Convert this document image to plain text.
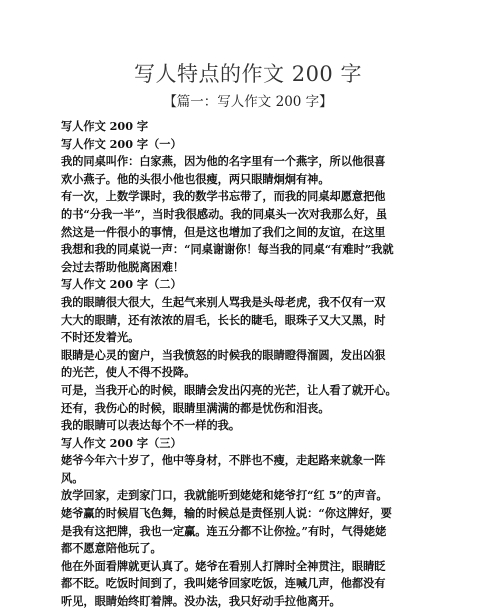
写人特点的作文 200 字
【篇一：写人作文 200 字】
写人作文 200 字
写人作文 200 字（一）
我的同桌叫作：白家燕，因为他的名字里有一个燕字，所以他很喜
欢小燕子。他的头很小他也很瘦，两只眼睛炯炯有神。
有一次，上数学课时，我的数学书忘带了，而我的同桌却愿意把他
的书“分我一半”，当时我很感动。我的同桌头一次对我那么好，虽
然这是一件很小的事情，但是这也增加了我们之间的友谊，在这里
我想和我的同桌说一声：“同桌谢谢你！每当我的同桌“有难时”我就
会过去帮助他脱离困难！
写人作文 200 字（二）
我的眼睛很大很大，生起气来别人骂我是头母老虎，我不仅有一双
大大的眼睛，还有浓浓的眉毛，长长的睫毛，眼珠子又大又黑，时
不时还发着光。
眼睛是心灵的窗户，当我愤怒的时候我的眼睛瞪得溜圆，发出凶狠
的光芒，使人不得不投降。
可是，当我开心的时候，眼睛会发出闪亮的光芒，让人看了就开心。
还有，我伤心的时候，眼睛里满满的都是忧伤和泪丧。
我的眼睛可以表达每个不一样的我。
写人作文 200 字（三）
姥爷今年六十岁了，他中等身材，不胖也不瘦，走起路来就象一阵
风。
放学回家，走到家门口，我就能听到姥姥和姥爷打“红 5”的声音。
姥爷赢的时候眉飞色舞，输的时候总是责怪别人说：“你这牌好，要
是我有这把牌，我也一定赢。连五分都不让你捡。”有时，气得姥姥
都不愿意陪他玩了。
他在外面看牌就更认真了。姥爷在看别人打牌时全神贯注，眼睛眨
都不眨。吃饭时间到了，我叫姥爷回家吃饭，连喊几声，他都没有
听见，眼睛始终盯着牌。没办法，我只好动手拉他离开。
